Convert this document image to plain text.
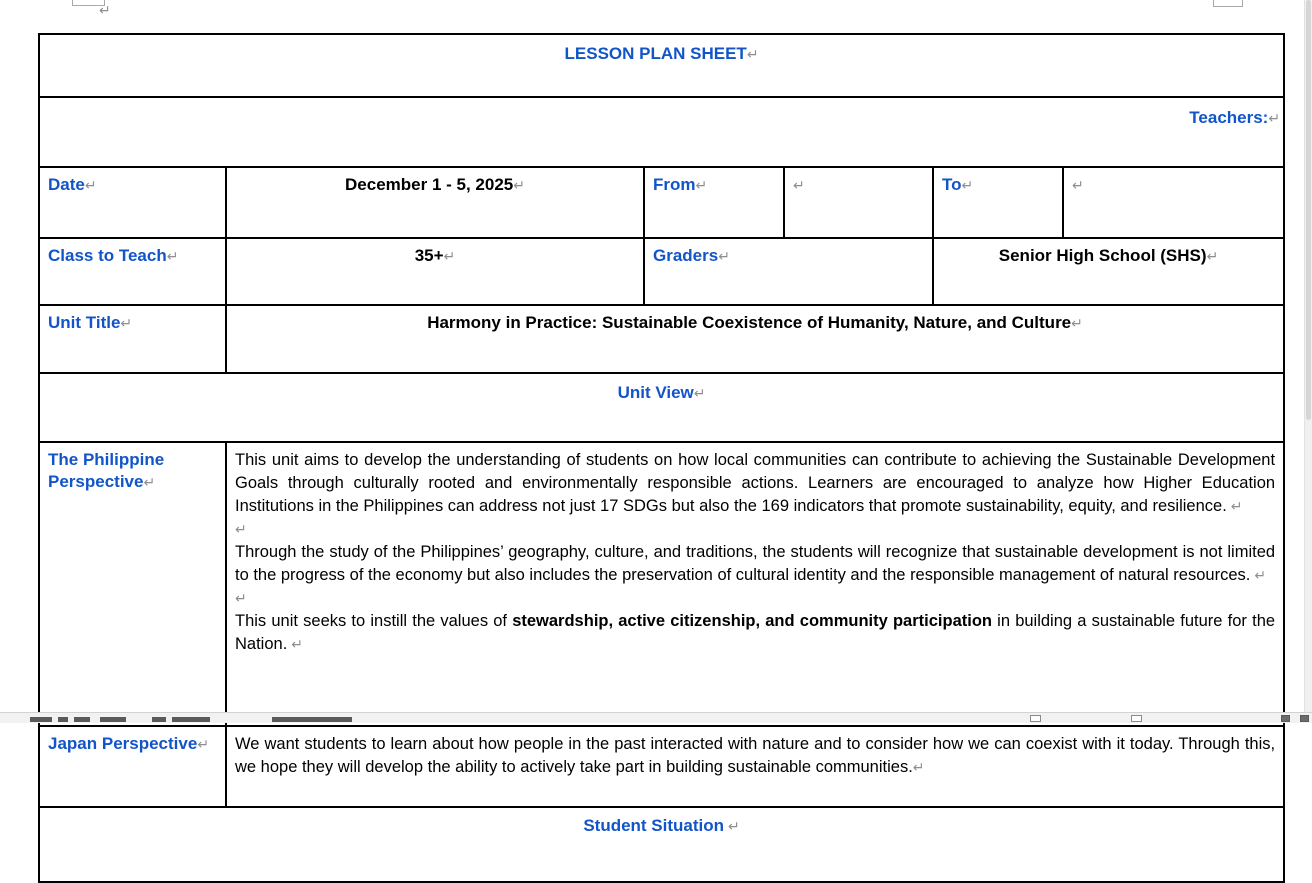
↵
LESSON PLAN SHEET↵					
Teachers:↵					
Date↵	December 1 - 5, 2025↵	From↵	↵	To↵	↵
Class to Teach↵	35+↵	Graders↵		Senior High School (SHS)↵	
Unit Title↵	Harmony in Practice: Sustainable Coexistence of Humanity, Nature, and Culture↵				
Unit View↵					
The Philippine Perspective↵	This unit aims to develop the understanding of students on how local communities can contribute to achieving the Sustainable Development Goals through culturally rooted and environmentally responsible actions. Learners are encouraged to analyze how Higher Education Institutions in the Philippines can address not just 17 SDGs but also the 169 indicators that promote sustainability, equity, and resilience. ↵
↵
Through the study of the Philippines’ geography, culture, and traditions, the students will recognize that sustainable development is not limited to the progress of the economy but also includes the preservation of cultural identity and the responsible management of natural resources. ↵
↵
This unit seeks to instill the values of stewardship, active citizenship, and community participation in building a sustainable future for the Nation. ↵				

Japan Perspective↵	We want students to learn about how people in the past interacted with nature and to consider how we can coexist with it today. Through this, we hope they will develop the ability to actively take part in building sustainable communities.↵				

Student Situation ↵					
